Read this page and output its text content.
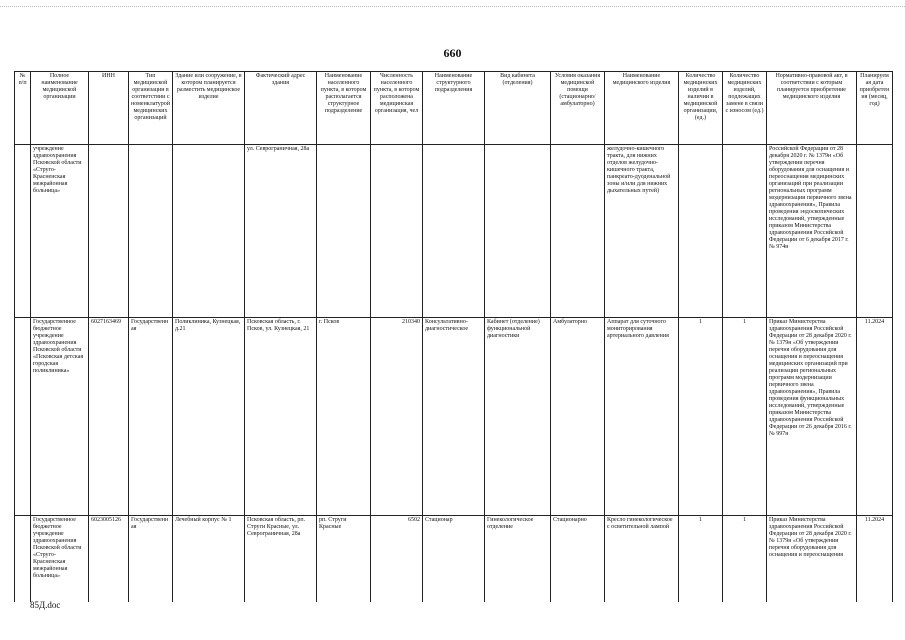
660
№ п/п	Полное наименование медицинской организации	ИНН	Тип медицинской организации в соответствии с номенклатурой медицинских организаций	Здание или сооружение, в котором планируется разместить медицинское изделие	Фактический адрес здания	Наименование населенного пункта, в котором располагается структурное подразделение	Численность населенного пункта, в котором расположена медицинская организация, чел	Наименование структурного подразделения	Вид кабинета (отделения)	Условия оказания медицинской помощи (стационарно/ амбулаторно)	Наименование медицинского изделия	Количество медицинских изделий в наличии в медицинской организации, (ед.)	Количество медицинских изделий, подлежащих замене в связи с износом (ед.)	Нормативно-правовой акт, в соответствии с которым планируется приобретение медицинского изделия	Планируемая дата приобретения (месяц, год)
	учреждение здравоохранения Псковской области «Струго-Красненская межрайонная больница»				ул. Севрограничная, 28а						желудочно-кишечного тракта, для нижних отделов желудочно-кишечного тракта, панкреато-дуоденальной зоны и/или для нижних дыхательных путей)			Российской Федерации от 28 декабря 2020 г. № 1379н «Об утверждении перечня оборудования для оснащения и переоснащения медицинских организаций при реализации региональных программ модернизации первичного звена здравоохранения», Правила проведения эндоскопических исследований, утвержденные приказом Министерства здравоохранения Российской Федерации от 6 декабря 2017 г. № 974н	
	Государственное бюджетное учреждение здравоохранения Псковской области «Псковская детская городская поликлиника»	6027163469	Государственная	Поликлиника, Кузнецкая, д.21	Псковская область, г. Псков, ул. Кузнецкая, 21	г. Псков	210340	Консультативно-диагностическое	Кабинет (отделение) функциональной диагностики	Амбулаторно	Аппарат для суточного мониторирования артериального давления	1	1	Приказ Министерства здравоохранения Российской Федерации от 28 декабря 2020 г. № 1379н «Об утверждении перечня оборудования для оснащения и переоснащения медицинских организаций при реализации региональных программ модернизации первичного звена здравоохранения», Правила проведения функциональных исследований, утвержденные приказом Министерства здравоохранения Российской Федерации от 26 декабря 2016 г. № 997н	11.2024
	Государственное бюджетное учреждение здравоохранения Псковской области «Струго-Красненская межрайонная больница»	6023005126	Государственная	Лечебный корпус № 1	Псковская область, рп. Струги Красные, ул. Севрограничная, 28а	рп. Струги Красные	6502	Стационар	Гинекологическое отделение	Стационарно	Кресло гинекологическое с осветительной лампой	1	1	Приказ Министерства здравоохранения Российской Федерации от 28 декабря 2020 г. № 1379н «Об утверждении перечня оборудования для оснащения и переоснащения	11.2024
85Д.doc
